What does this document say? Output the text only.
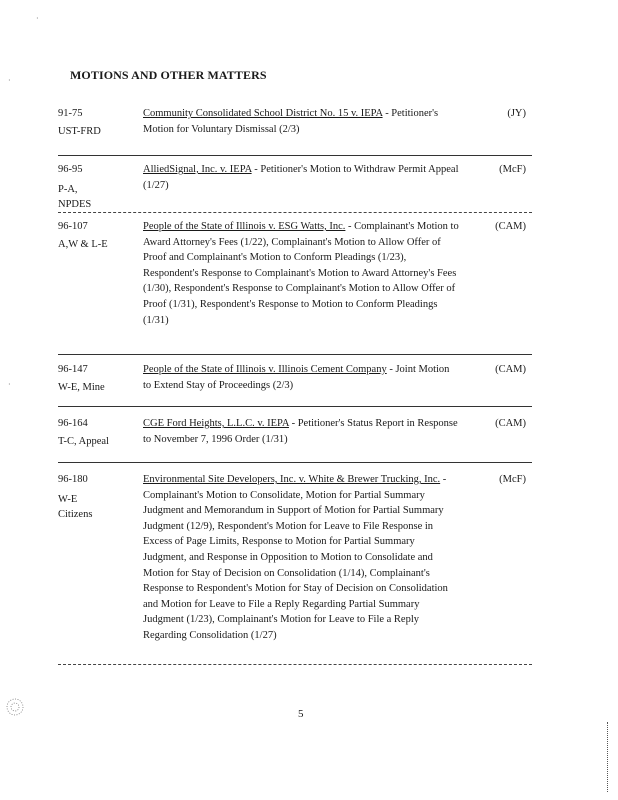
MOTIONS AND OTHER MATTERS
91-75
UST-FRD
Community Consolidated School District No. 15 v. IEPA - Petitioner's Motion for Voluntary Dismissal (2/3)
(JY)
96-95
P-A,
NPDES
AlliedSignal, Inc. v. IEPA - Petitioner's Motion to Withdraw Permit Appeal (1/27)
(McF)
96-107
A,W & L-E
People of the State of Illinois v. ESG Watts, Inc. - Complainant's Motion to Award Attorney's Fees (1/22), Complainant's Motion to Allow Offer of Proof and Complainant's Motion to Conform Pleadings (1/23), Respondent's Response to Complainant's Motion to Award Attorney's Fees (1/30), Respondent's Response to Complainant's Motion to Allow Offer of Proof (1/31), Respondent's Response to Motion to Conform Pleadings (1/31)
(CAM)
96-147
W-E, Mine
People of the State of Illinois v. Illinois Cement Company - Joint Motion to Extend Stay of Proceedings (2/3)
(CAM)
96-164
T-C, Appeal
CGE Ford Heights, L.L.C. v. IEPA - Petitioner's Status Report in Response to November 7, 1996 Order (1/31)
(CAM)
96-180
W-E
Citizens
Environmental Site Developers, Inc. v. White & Brewer Trucking, Inc. - Complainant's Motion to Consolidate, Motion for Partial Summary Judgment and Memorandum in Support of Motion for Partial Summary Judgment (12/9), Respondent's Motion for Leave to File Response in Excess of Page Limits, Response to Motion for Partial Summary Judgment, and Response in Opposition to Motion to Consolidate and Motion for Stay of Decision on Consolidation (1/14), Complainant's Response to Respondent's Motion for Stay of Decision on Consolidation and Motion for Leave to File a Reply Regarding Partial Summary Judgment (1/23), Complainant's Motion for Leave to File a Reply Regarding Consolidation (1/27)
(McF)
5
·
·
·
